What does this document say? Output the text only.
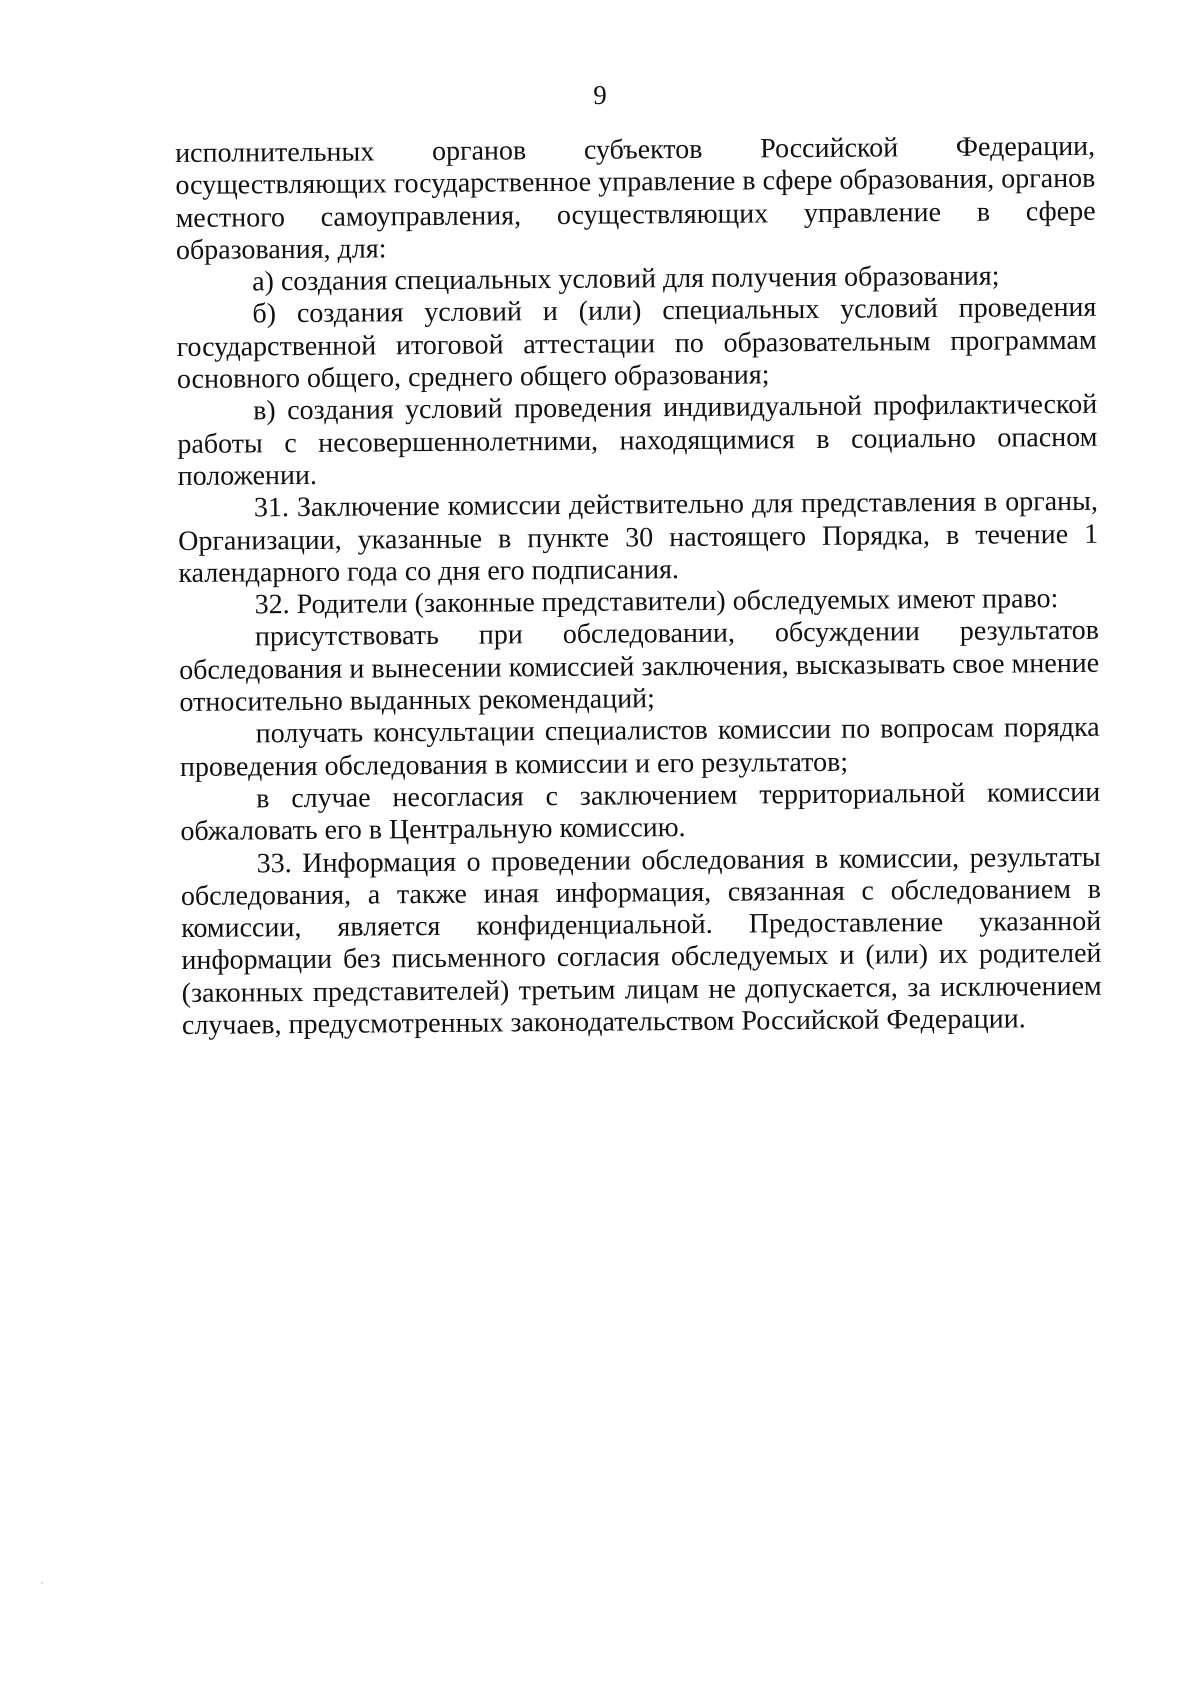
9

исполнительных органов субъектов Российской Федерации, осуществляющих государственное управление в сфере образования, органов местного самоуправления, осуществляющих управление в сфере образования, для:

а) создания специальных условий для получения образования;

б) создания условий и (или) специальных условий проведения государственной итоговой аттестации по образовательным программам основного общего, среднего общего образования;

в) создания условий проведения индивидуальной профилактической работы с несовершеннолетними, находящимися в социально опасном положении.

31. Заключение комиссии действительно для представления в органы, Организации, указанные в пункте 30 настоящего Порядка, в течение 1 календарного года со дня его подписания.

32. Родители (законные представители) обследуемых имеют право:

присутствовать при обследовании, обсуждении результатов обследования и вынесении комиссией заключения, высказывать свое мнение относительно выданных рекомендаций;

получать консультации специалистов комиссии по вопросам порядка проведения обследования в комиссии и его результатов;

в случае несогласия с заключением территориальной комиссии обжаловать его в Центральную комиссию.

33. Информация о проведении обследования в комиссии, результаты обследования, а также иная информация, связанная с обследованием в комиссии, является конфиденциальной. Предоставление указанной информации без письменного согласия обследуемых и (или) их родителей (законных представителей) третьим лицам не допускается, за исключением случаев, предусмотренных законодательством Российской Федерации.
